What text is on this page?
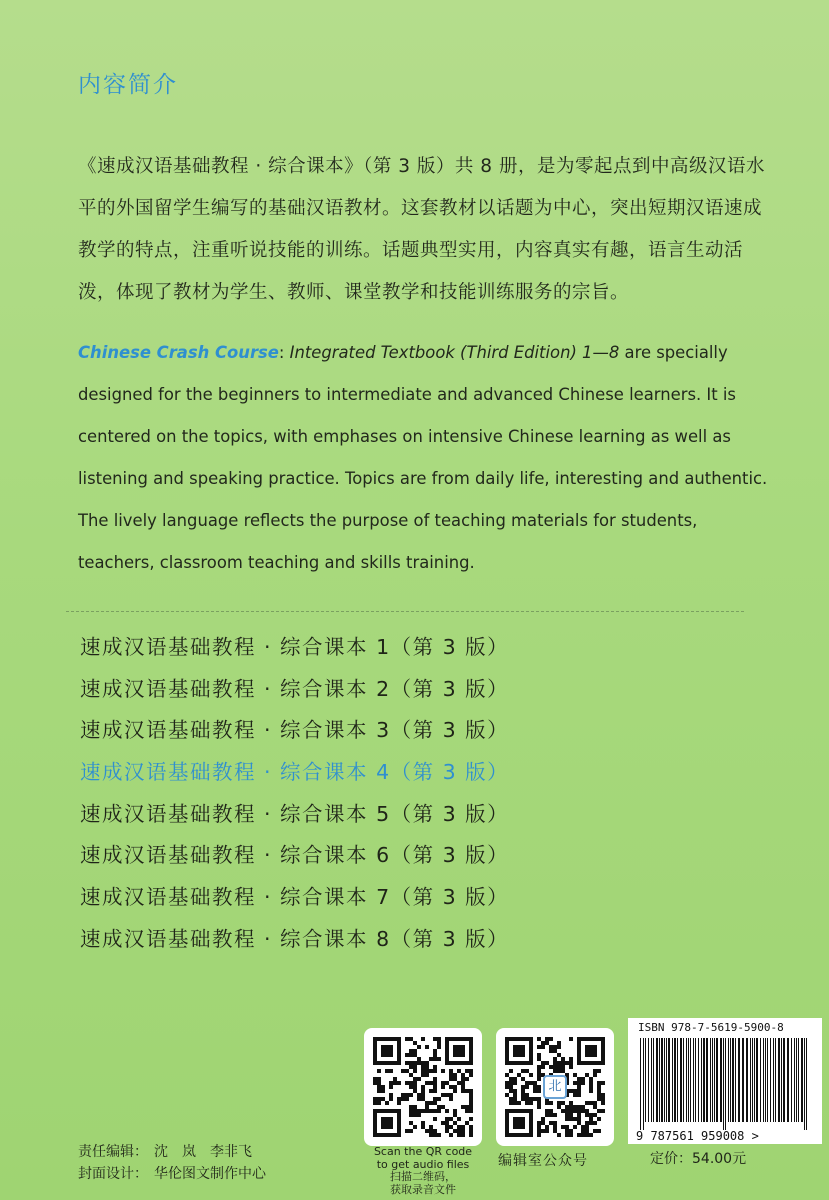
内容简介
《速成汉语基础教程 · 综合课本》（第 3 版）共 8 册，是为零起点到中高级汉语水平的外国留学生编写的基础汉语教材。这套教材以话题为中心，突出短期汉语速成教学的特点，注重听说技能的训练。话题典型实用，内容真实有趣，语言生动活泼，体现了教材为学生、教师、课堂教学和技能训练服务的宗旨。
Chinese Crash Course: Integrated Textbook (Third Edition) 1—8 are specially designed for the beginners to intermediate and advanced Chinese learners. It is centered on the topics, with emphases on intensive Chinese learning as well as listening and speaking practice. Topics are from daily life, interesting and authentic. The lively language reflects the purpose of teaching materials for students, teachers, classroom teaching and skills training.
速成汉语基础教程 · 综合课本 1（第 3 版）
速成汉语基础教程 · 综合课本 2（第 3 版）
速成汉语基础教程 · 综合课本 3（第 3 版）
速成汉语基础教程 · 综合课本 4（第 3 版）
速成汉语基础教程 · 综合课本 5（第 3 版）
速成汉语基础教程 · 综合课本 6（第 3 版）
速成汉语基础教程 · 综合课本 7（第 3 版）
速成汉语基础教程 · 综合课本 8（第 3 版）
责任编辑： 沈　岚　李非飞
封面设计： 华伦图文制作中心
Scan the QR code
to get audio files
扫描二维码，
获取录音文件
北
编辑室公众号
ISBN 978-7-5619-5900-8
9 787561 959008 >
定价：54.00元
